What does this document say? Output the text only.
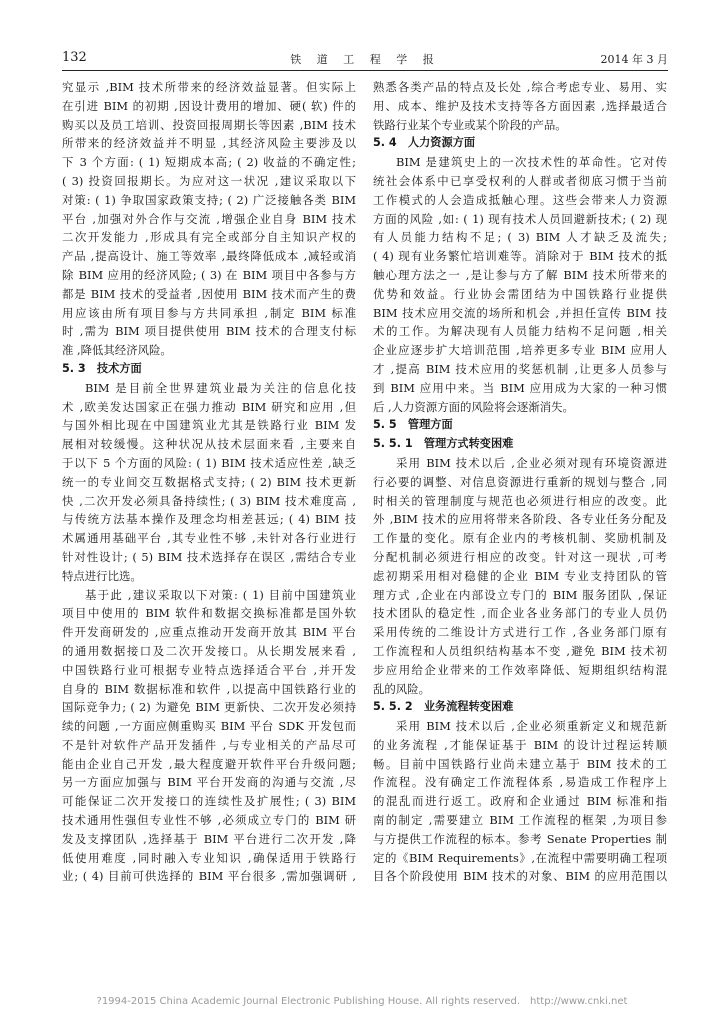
132	铁 道 工 程 学 报	2014 年 3 月
究显示 ,BIM 技术所带来的经济效益显著。但实际上
在引进 BIM 的初期 ,因设计费用的增加、硬( 软) 件的
购买以及员工培训、投资回报周期长等因素 ,BIM 技术
所带来的经济效益并不明显 ,其经济风险主要涉及以
下 3 个方面: ( 1) 短期成本高; ( 2) 收益的不确定性;
( 3) 投资回报期长。为应对这一状况 ,建议采取以下
对策: ( 1) 争取国家政策支持; ( 2) 广泛接触各类 BIM
平台 ,加强对外合作与交流 ,增强企业自身 BIM 技术
二次开发能力 ,形成具有完全或部分自主知识产权的
产品 ,提高设计、施工等效率 ,最终降低成本 ,减轻或消
除 BIM 应用的经济风险; ( 3) 在 BIM 项目中各参与方
都是 BIM 技术的受益者 ,因使用 BIM 技术而产生的费
用应该由所有项目参与方共同承担 ,制定 BIM 标准
时 ,需为 BIM 项目提供使用 BIM 技术的合理支付标
准 ,降低其经济风险。
5. 3　技术方面
BIM 是目前全世界建筑业最为关注的信息化技
术 ,欧美发达国家正在强力推动 BIM 研究和应用 ,但
与国外相比现在中国建筑业尤其是铁路行业 BIM 发
展相对较缓慢。这种状况从技术层面来看 ,主要来自
于以下 5 个方面的风险: ( 1) BIM 技术适应性差 ,缺乏
统一的专业间交互数据格式支持; ( 2) BIM 技术更新
快 ,二次开发必须具备持续性; ( 3) BIM 技术难度高 ,
与传统方法基本操作及理念均相差甚远; ( 4) BIM 技
术属通用基础平台 ,其专业性不够 ,未针对各行业进行
针对性设计; ( 5) BIM 技术选择存在误区 ,需结合专业
特点进行比选。
基于此 ,建议采取以下对策: ( 1) 目前中国建筑业
项目中使用的 BIM 软件和数据交换标准都是国外软
件开发商研发的 ,应重点推动开发商开放其 BIM 平台
的通用数据接口及二次开发接口。从长期发展来看 ,
中国铁路行业可根据专业特点选择适合平台 ,并开发
自身的 BIM 数据标准和软件 ,以提高中国铁路行业的
国际竞争力; ( 2) 为避免 BIM 更新快、二次开发必须持
续的问题 ,一方面应侧重购买 BIM 平台 SDK 开发包而
不是针对软件产品开发插件 ,与专业相关的产品尽可
能由企业自己开发 ,最大程度避开软件平台升级问题;
另一方面应加强与 BIM 平台开发商的沟通与交流 ,尽
可能保证二次开发接口的连续性及扩展性; ( 3) BIM
技术通用性强但专业性不够 ,必须成立专门的 BIM 研
发及支撑团队 ,选择基于 BIM 平台进行二次开发 ,降
低使用难度 ,同时融入专业知识 ,确保适用于铁路行
业; ( 4) 目前可供选择的 BIM 平台很多 ,需加强调研 ,
熟悉各类产品的特点及长处 ,综合考虑专业、易用、实
用、成本、维护及技术支持等各方面因素 ,选择最适合
铁路行业某个专业或某个阶段的产品。
5. 4　人力资源方面
BIM 是建筑史上的一次技术性的革命性。它对传
统社会体系中已享受权利的人群或者彻底习惯于当前
工作模式的人会造成抵触心理。这些会带来人力资源
方面的风险 ,如: ( 1) 现有技术人员回避新技术; ( 2) 现
有人员能力结构不足; ( 3) BIM 人才缺乏及流失;
( 4) 现有业务繁忙培训难等。消除对于 BIM 技术的抵
触心理方法之一 ,是让参与方了解 BIM 技术所带来的
优势和效益。行业协会需团结为中国铁路行业提供
BIM 技术应用交流的场所和机会 ,并担任宣传 BIM 技
术的工作。为解决现有人员能力结构不足问题 ,相关
企业应逐步扩大培训范围 ,培养更多专业 BIM 应用人
才 ,提高 BIM 技术应用的奖惩机制 ,让更多人员参与
到 BIM 应用中来。当 BIM 应用成为大家的一种习惯
后 ,人力资源方面的风险将会逐渐消失。
5. 5　管理方面
5. 5. 1　管理方式转变困难
采用 BIM 技术以后 ,企业必须对现有环境资源进
行必要的调整、对信息资源进行重新的规划与整合 ,同
时相关的管理制度与规范也必须进行相应的改变。此
外 ,BIM 技术的应用将带来各阶段、各专业任务分配及
工作量的变化。原有企业内的考核机制、奖励机制及
分配机制必须进行相应的改变。针对这一现状 ,可考
虑初期采用相对稳健的企业 BIM 专业支持团队的管
理方式 ,企业在内部设立专门的 BIM 服务团队 ,保证
技术团队的稳定性 ,而企业各业务部门的专业人员仍
采用传统的二维设计方式进行工作 ,各业务部门原有
工作流程和人员组织结构基本不变 ,避免 BIM 技术初
步应用给企业带来的工作效率降低、短期组织结构混
乱的风险。
5. 5. 2　业务流程转变困难
采用 BIM 技术以后 ,企业必须重新定义和规范新
的业务流程 ,才能保证基于 BIM 的设计过程运转顺
畅。目前中国铁路行业尚未建立基于 BIM 技术的工
作流程。没有确定工作流程体系 ,易造成工作程序上
的混乱而进行返工。政府和企业通过 BIM 标准和指
南的制定 ,需要建立 BIM 工作流程的框架 ,为项目参
与方提供工作流程的标本。参考 Senate Properties 制
定的《BIM Requirements》,在流程中需要明确工程项
目各个阶段使用 BIM 技术的对象、BIM 的应用范围以
?1994-2015 China Academic Journal Electronic Publishing House. All rights reserved.　http://www.cnki.net
